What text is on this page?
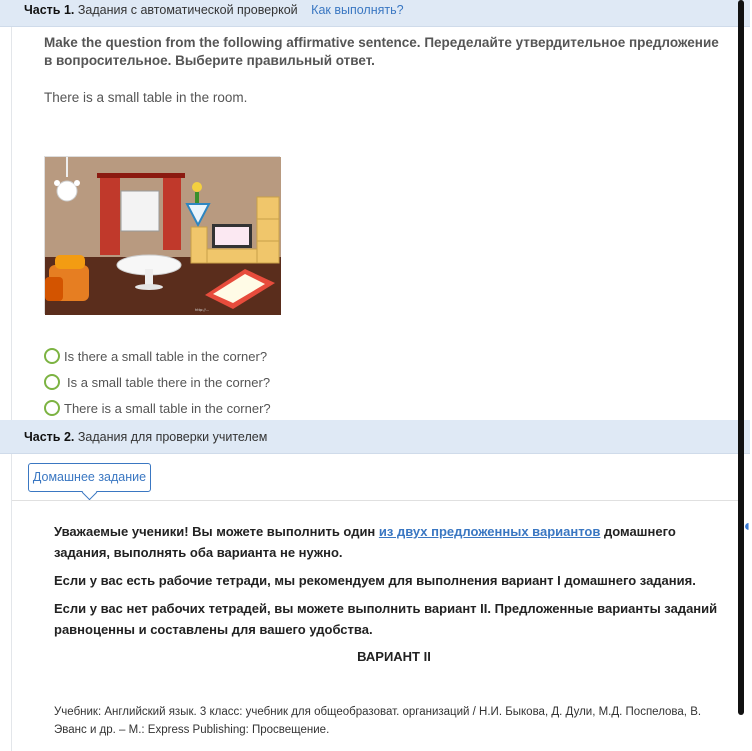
Часть 1. Задания с автоматической проверкой Как выполнять?
Make the question from the following affirmative sentence. Переделайте утвердительное предложение в вопросительное. Выберите правильный ответ.
There is a small table in the room.
http://...
Is there a small table in the corner?
Is a small table there in the corner?
There is a small table in the corner?
Часть 2. Задания для проверки учителем
Домашнее задание

Уважаемые ученики! Вы можете выполнить один из двух предложенных вариантов домашнего задания, выполнять оба варианта не нужно.

Если у вас есть рабочие тетради, мы рекомендуем для выполнения вариант I домашнего задания.

Если у вас нет рабочих тетрадей, вы можете выполнить вариант II. Предложенные варианты заданий равноценны и составлены для вашего удобства.

ВАРИАНТ II
Учебник: Английский язык. 3 класс: учебник для общеобразоват. организаций / Н.И. Быкова, Д. Дули, М.Д. Поспелова, В. Эванс и др. – М.: Express Publishing: Просвещение.
◖
